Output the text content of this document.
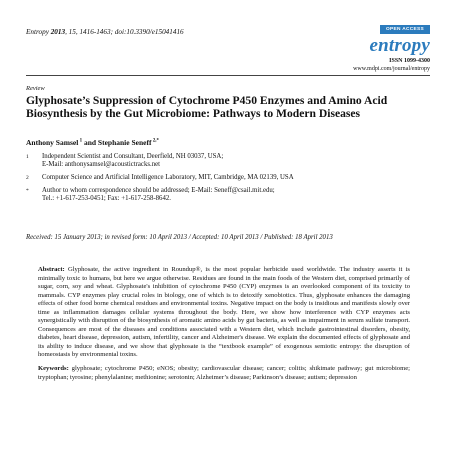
Entropy 2013, 15, 1416-1463; doi:10.3390/e15041416	OPEN ACCESS
entropy
ISSN 1099-4300
www.mdpi.com/journal/entropy
Review
Glyphosate’s Suppression of Cytochrome P450 Enzymes and Amino Acid Biosynthesis by the Gut Microbiome: Pathways to Modern Diseases
Anthony Samsel $^1$ and Stephanie Seneff $^{2,*}$
1 Independent Scientist and Consultant, Deerfield, NH 03037, USA;
E-Mail: anthonysamsel@acoustictracks.net
2 Computer Science and Artificial Intelligence Laboratory, MIT, Cambridge, MA 02139, USA
* Author to whom correspondence should be addressed; E-Mail: Seneff@csail.mit.edu;
Tel.: +1-617-253-0451; Fax: +1-617-258-8642.
Received: 15 January 2013; in revised form: 10 April 2013 / Accepted: 10 April 2013 / Published: 18 April 2013

Abstract: Glyphosate, the active ingredient in Roundup®, is the most popular herbicide used worldwide. The industry asserts it is minimally toxic to humans, but here we argue otherwise. Residues are found in the main foods of the Western diet, comprised primarily of sugar, corn, soy and wheat. Glyphosate's inhibition of cytochrome P450 (CYP) enzymes is an overlooked component of its toxicity to mammals. CYP enzymes play crucial roles in biology, one of which is to detoxify xenobiotics. Thus, glyphosate enhances the damaging effects of other food borne chemical residues and environmental toxins. Negative impact on the body is insidious and manifests slowly over time as inflammation damages cellular systems throughout the body. Here, we show how interference with CYP enzymes acts synergistically with disruption of the biosynthesis of aromatic amino acids by gut bacteria, as well as impairment in serum sulfate transport. Consequences are most of the diseases and conditions associated with a Western diet, which include gastrointestinal disorders, obesity, diabetes, heart disease, depression, autism, infertility, cancer and Alzheimer's disease. We explain the documented effects of glyphosate and its ability to induce disease, and we show that glyphosate is the “textbook example” of exogenous semiotic entropy: the disruption of homeostasis by environmental toxins.

Keywords: glyphosate; cytochrome P450; eNOS; obesity; cardiovascular disease; cancer; colitis; shikimate pathway; gut microbiome; tryptophan; tyrosine; phenylalanine; methionine; serotonin; Alzheimer’s disease; Parkinson’s disease; autism; depression
